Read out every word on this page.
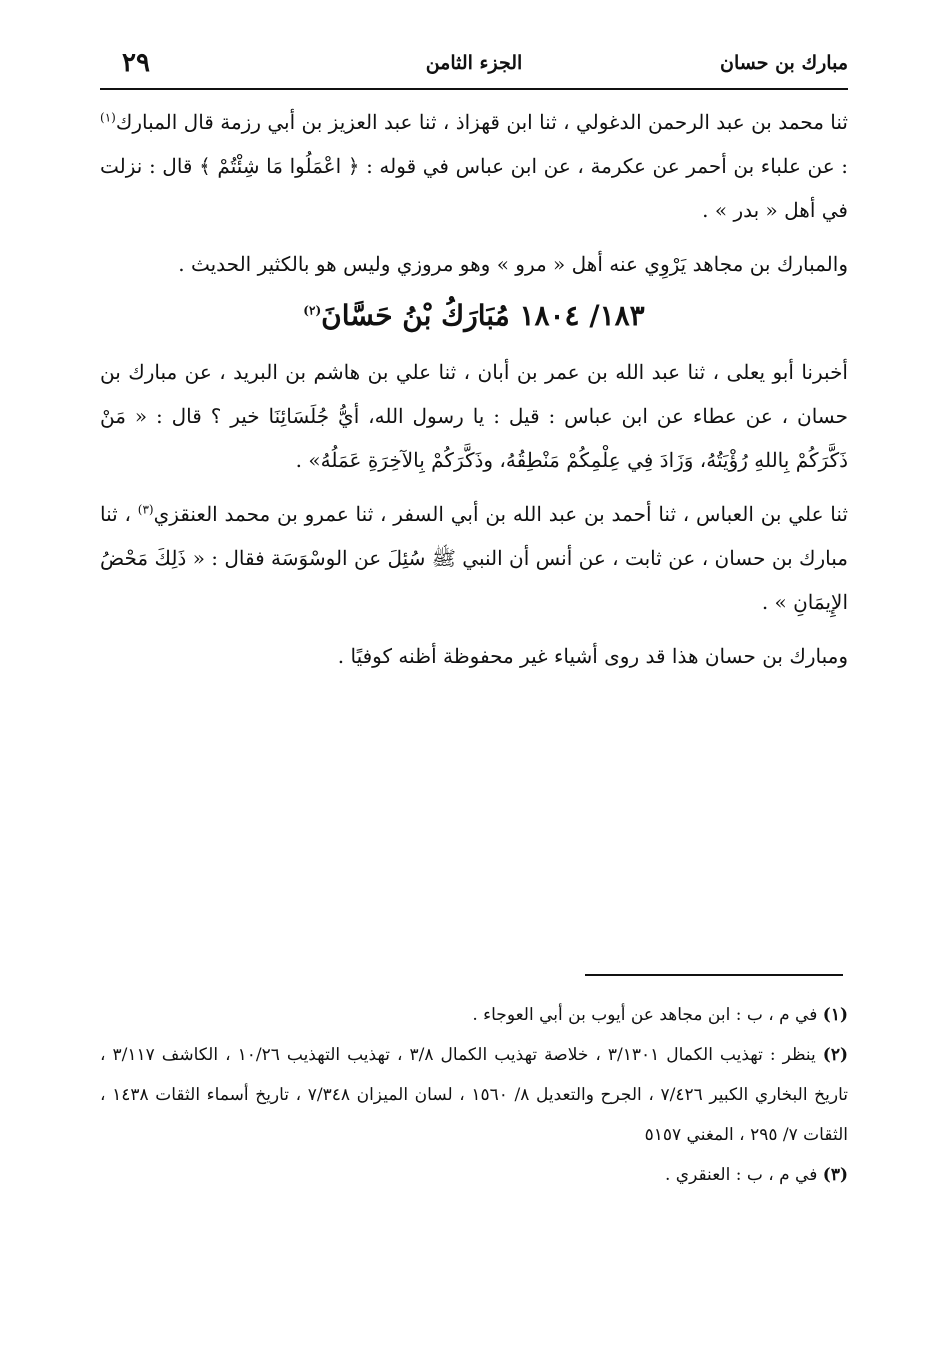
مبارك بن حسان
الجزء الثامن
٢٩

ثنا محمد بن عبد الرحمن الدغولي ، ثنا ابن قهزاذ ، ثنا عبد العزيز بن أبي رزمة قال المبارك$^{(١)}$ : عن علباء بن أحمر عن عكرمة ، عن ابن عباس في قوله : ﴿ اعْمَلُوا مَا شِئْتُمْ ﴾ قال : نزلت في أهل « بدر » .

والمبارك بن مجاهد يَرْوِي عنه أهل « مرو » وهو مروزي وليس هو بالكثير الحديث .

١٨٣/ ١٨٠٤ مُبَارَكُ بْنُ حَسَّانَ$^{(٢)}$

أخبرنا أبو يعلى ، ثنا عبد الله بن عمر بن أبان ، ثنا علي بن هاشم بن البريد ، عن مبارك بن حسان ، عن عطاء عن ابن عباس : قيل : يا رسول الله، أيُّ جُلَسَائِنَا خير ؟ قال : « مَنْ ذَكَّرَكُمْ بِاللهِ رُؤْيَتُهُ، وَزَادَ فِي عِلْمِكُمْ مَنْطِقُهُ، وذَكَّرَكُمْ بِالآخِرَةِ عَمَلُهُ» .

ثنا علي بن العباس ، ثنا أحمد بن عبد الله بن أبي السفر ، ثنا عمرو بن محمد العنقزي$^{(٣)}$ ، ثنا مبارك بن حسان ، عن ثابت ، عن أنس أن النبي ﷺ سُئِلَ عن الوسْوَسَة فقال : « ذَلِكَ مَحْضُ الإِيمَانِ » .

ومبارك بن حسان هذا قد روى أشياء غير محفوظة أظنه كوفيًا .

(١) في م ، ب : ابن مجاهد عن أيوب بن أبي العوجاء .

(٢) ينظر : تهذيب الكمال ٣/١٣٠١ ، خلاصة تهذيب الكمال ٣/٨ ، تهذيب التهذيب ١٠/٢٦ ، الكاشف ٣/١١٧ ، تاريخ البخاري الكبير ٧/٤٢٦ ، الجرح والتعديل ٨/ ١٥٦٠ ، لسان الميزان ٧/٣٤٨ ، تاريخ أسماء الثقات ١٤٣٨ ، الثقات ٧/ ٢٩٥ ، المغني ٥١٥٧

(٣) في م ، ب : العنقري .
